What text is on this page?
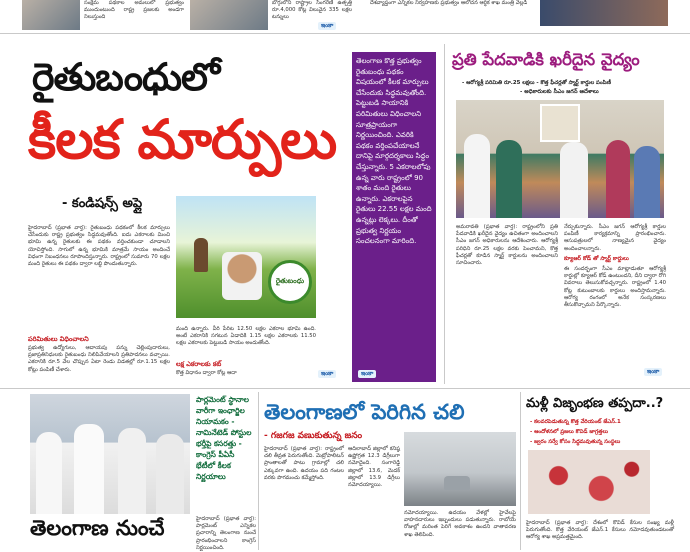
సంక్షేమ పథకాల అమలులో ప్రభుత్వం ముందుంటుంది రాష్ట్ర ప్రజలకు అండగా నిలుస్తుంది
బొగ్గులోని రాష్ట్రాల సింగరేణి ఉత్పత్తి రూ.4,000 కోట్ల విలువైన 335 లక్షల టన్నులు
ఇంకా
దేశవ్యాప్తంగా ఎన్నికల నిర్వహణకు ప్రభుత్వం ఆలోచన ఆర్థిక శాఖ మంత్రి వెల్లడి
రైతుబంధులో
కీలక మార్పులు
- కండిషన్స్ అప్లై
హైదరాబాద్ (ప్రభాత వార్త): రైతుబంధు పథకంలో కీలక మార్పులు చేసేందుకు రాష్ట్ర ప్రభుత్వం సిద్ధమవుతోంది. ఐదు ఎకరాలకు మించి భూమి ఉన్న రైతులకు ఈ పథకం వర్తించకుండా చూడాలని యోచిస్తోంది. సాగులో ఉన్న భూమికి మాత్రమే సాయం అందించే విధంగా నిబంధనలు రూపొందిస్తున్నారు. రాష్ట్రంలో సుమారు 70 లక్షల మంది రైతులు ఈ పథకం ద్వారా లబ్ధి పొందుతున్నారు.
రైతుబంధు
పరిమితులు విధించాలని
ప్రభుత్వ ఉద్యోగులు, ఆదాయపు పన్ను చెల్లింపుదారులు, ప్రజాప్రతినిధులకు రైతుబంధు నిలిపివేయాలని ప్రతిపాదనలు వచ్చాయి. ఎకరానికి రూ.5 వేల చొప్పున ఏటా రెండు విడతల్లో రూ.1.15 లక్షల కోట్లు పంపిణీ చేశారు.
మంది ఉన్నారు. వీరి పేరిట 12.50 లక్షల ఎకరాల భూమి ఉంది. అంటే ఎకరానికి సగటున ఏడాదికి 1.15 లక్షల ఎకరాలకు 11.50 లక్షల ఎకరాలకు పెట్టుబడి సాయం అందుతోంది.
లక్ష ఎకరాలకు కట్
కొత్త విధానం ద్వారా కోట్ల ఆదా	ఇంకా
తెలంగాణ కొత్త ప్రభుత్వం రైతుబంధు పథకం విషయంలో కీలక మార్పులు చేసేందుకు సిద్ధమవుతోంది. పెట్టుబడి సాయానికి పరిమితులు విధించాలని సూత్రప్రాయంగా నిర్ణయించింది. ఎవరికి పథకం వర్తింపచేయాలనే దానిపై మార్గదర్శకాలు సిద్ధం చేస్తున్నారు. 5 ఎకరాలలోపు ఉన్న వారు రాష్ట్రంలో 90 శాతం మంది రైతులు ఉన్నారు. ఎకరాలపైన రైతులు 22.55 లక్షల మంది ఉన్నట్లు లెక్కలు. దీంతో ప్రభుత్వ నిర్ణయం సంచలనంగా మారింది.
ఇంకా
ప్రతి పేదవాడికి ఖరీదైన వైద్యం
- ఆరోగ్యశ్రీ పరిమితి రూ.25 లక్షలు - కొత్త ఫీచర్లతో స్మార్ట్ కార్డుల పంపిణీ
- అధికారులకు సీఎం జగన్ ఆదేశాలు
అమరావతి (ప్రభాత వార్త): రాష్ట్రంలోని ప్రతి పేదవాడికి ఖరీదైన వైద్యం ఉచితంగా అందించాలని సీఎం జగన్ అధికారులను ఆదేశించారు. ఆరోగ్యశ్రీ పరిధిని రూ.25 లక్షల వరకు పెంచామని, కొత్త ఫీచర్లతో కూడిన స్మార్ట్ కార్డులను అందించాలని సూచించారు.
నేర్చుకున్నారు. సీఎం జగన్ ఆరోగ్యశ్రీ కార్డుల పంపిణీ కార్యక్రమాన్ని ప్రారంభించారు. ఆసుపత్రులలో నాణ్యమైన వైద్యం అందించాలన్నారు.
క్యూఆర్ కోడ్ తో స్మార్ట్ కార్డులు
ఈ సందర్భంగా సీఎం మాట్లాడుతూ ఆరోగ్యశ్రీ కార్డుల్లో క్యూఆర్ కోడ్ ఉంటుందని, దీని ద్వారా రోగి వివరాలు తెలుసుకోవచ్చన్నారు. రాష్ట్రంలో 1.40 కోట్ల కుటుంబాలకు కార్డులు అందిస్తామన్నారు. ఆరోగ్య రంగంలో అనేక సంస్కరణలు తీసుకొచ్చామని పేర్కొన్నారు.
ఇంకా
పార్లమెంట్ స్థానాల వారీగా ఇంఛార్జిల నియామకం - నామినేటెడ్ పోస్టుల భర్తీపై కసరత్తు - కాంగ్రెస్ పీఏసీ భేటీలో కీలక నిర్ణయాలు
తెలంగాణ నుంచే	హైదరాబాద్ (ప్రభాత వార్త): పార్లమెంట్ ఎన్నికల ప్రచారాన్ని తెలంగాణ నుంచే ప్రారంభించాలని కాంగ్రెస్ నిర్ణయించింది.
తెలంగాణలో పెరిగిన చలి
- గజగజ వణుకుతున్న జనం
హైదరాబాద్ (ప్రభాత వార్త): రాష్ట్రంలో చలి తీవ్రత పెరుగుతోంది. మెట్రోపాలిటన్ ప్రాంతాలతో పాటు గ్రామాల్లో చలి ఎక్కువగా ఉంది. ఉదయం పది గంటల వరకు పొగమంచు కమ్మేస్తోంది.
ఆదిలాబాద్ జిల్లాలో కనిష్ఠ ఉష్ణోగ్రత 12.3 డిగ్రీలుగా నమోదైంది. సంగారెడ్డి జిల్లాలో 13.6, మెదక్ జిల్లాలో 13.9 డిగ్రీలు నమోదయ్యాయి.
నమోదయ్యాయి. ఉదయం వేళల్లో హైవేలపై వాహనదారులు ఇబ్బందులు పడుతున్నారు. రాబోయే రోజుల్లో మరింత పెరిగే అవకాశం ఉందని వాతావరణ శాఖ తెలిపింది.
మళ్లీ విజృంభణ తప్పదా..?
- కలవరపెడుతున్న కొత్త వేరియంట్ జేఎన్.1
- ఆందోళనలో ప్రజలు కొవిడ్ జాగ్రత్తలు
- జ్వరం సర్వే కోసం సిద్ధమవుతున్న సంస్థలు
హైదరాబాద్ (ప్రభాత వార్త): దేశంలో కొవిడ్ కేసుల సంఖ్య మళ్లీ పెరుగుతోంది. కొత్త వేరియంట్ జేఎన్.1 కేసులు నమోదవుతుండటంతో ఆరోగ్య శాఖ అప్రమత్తమైంది.
